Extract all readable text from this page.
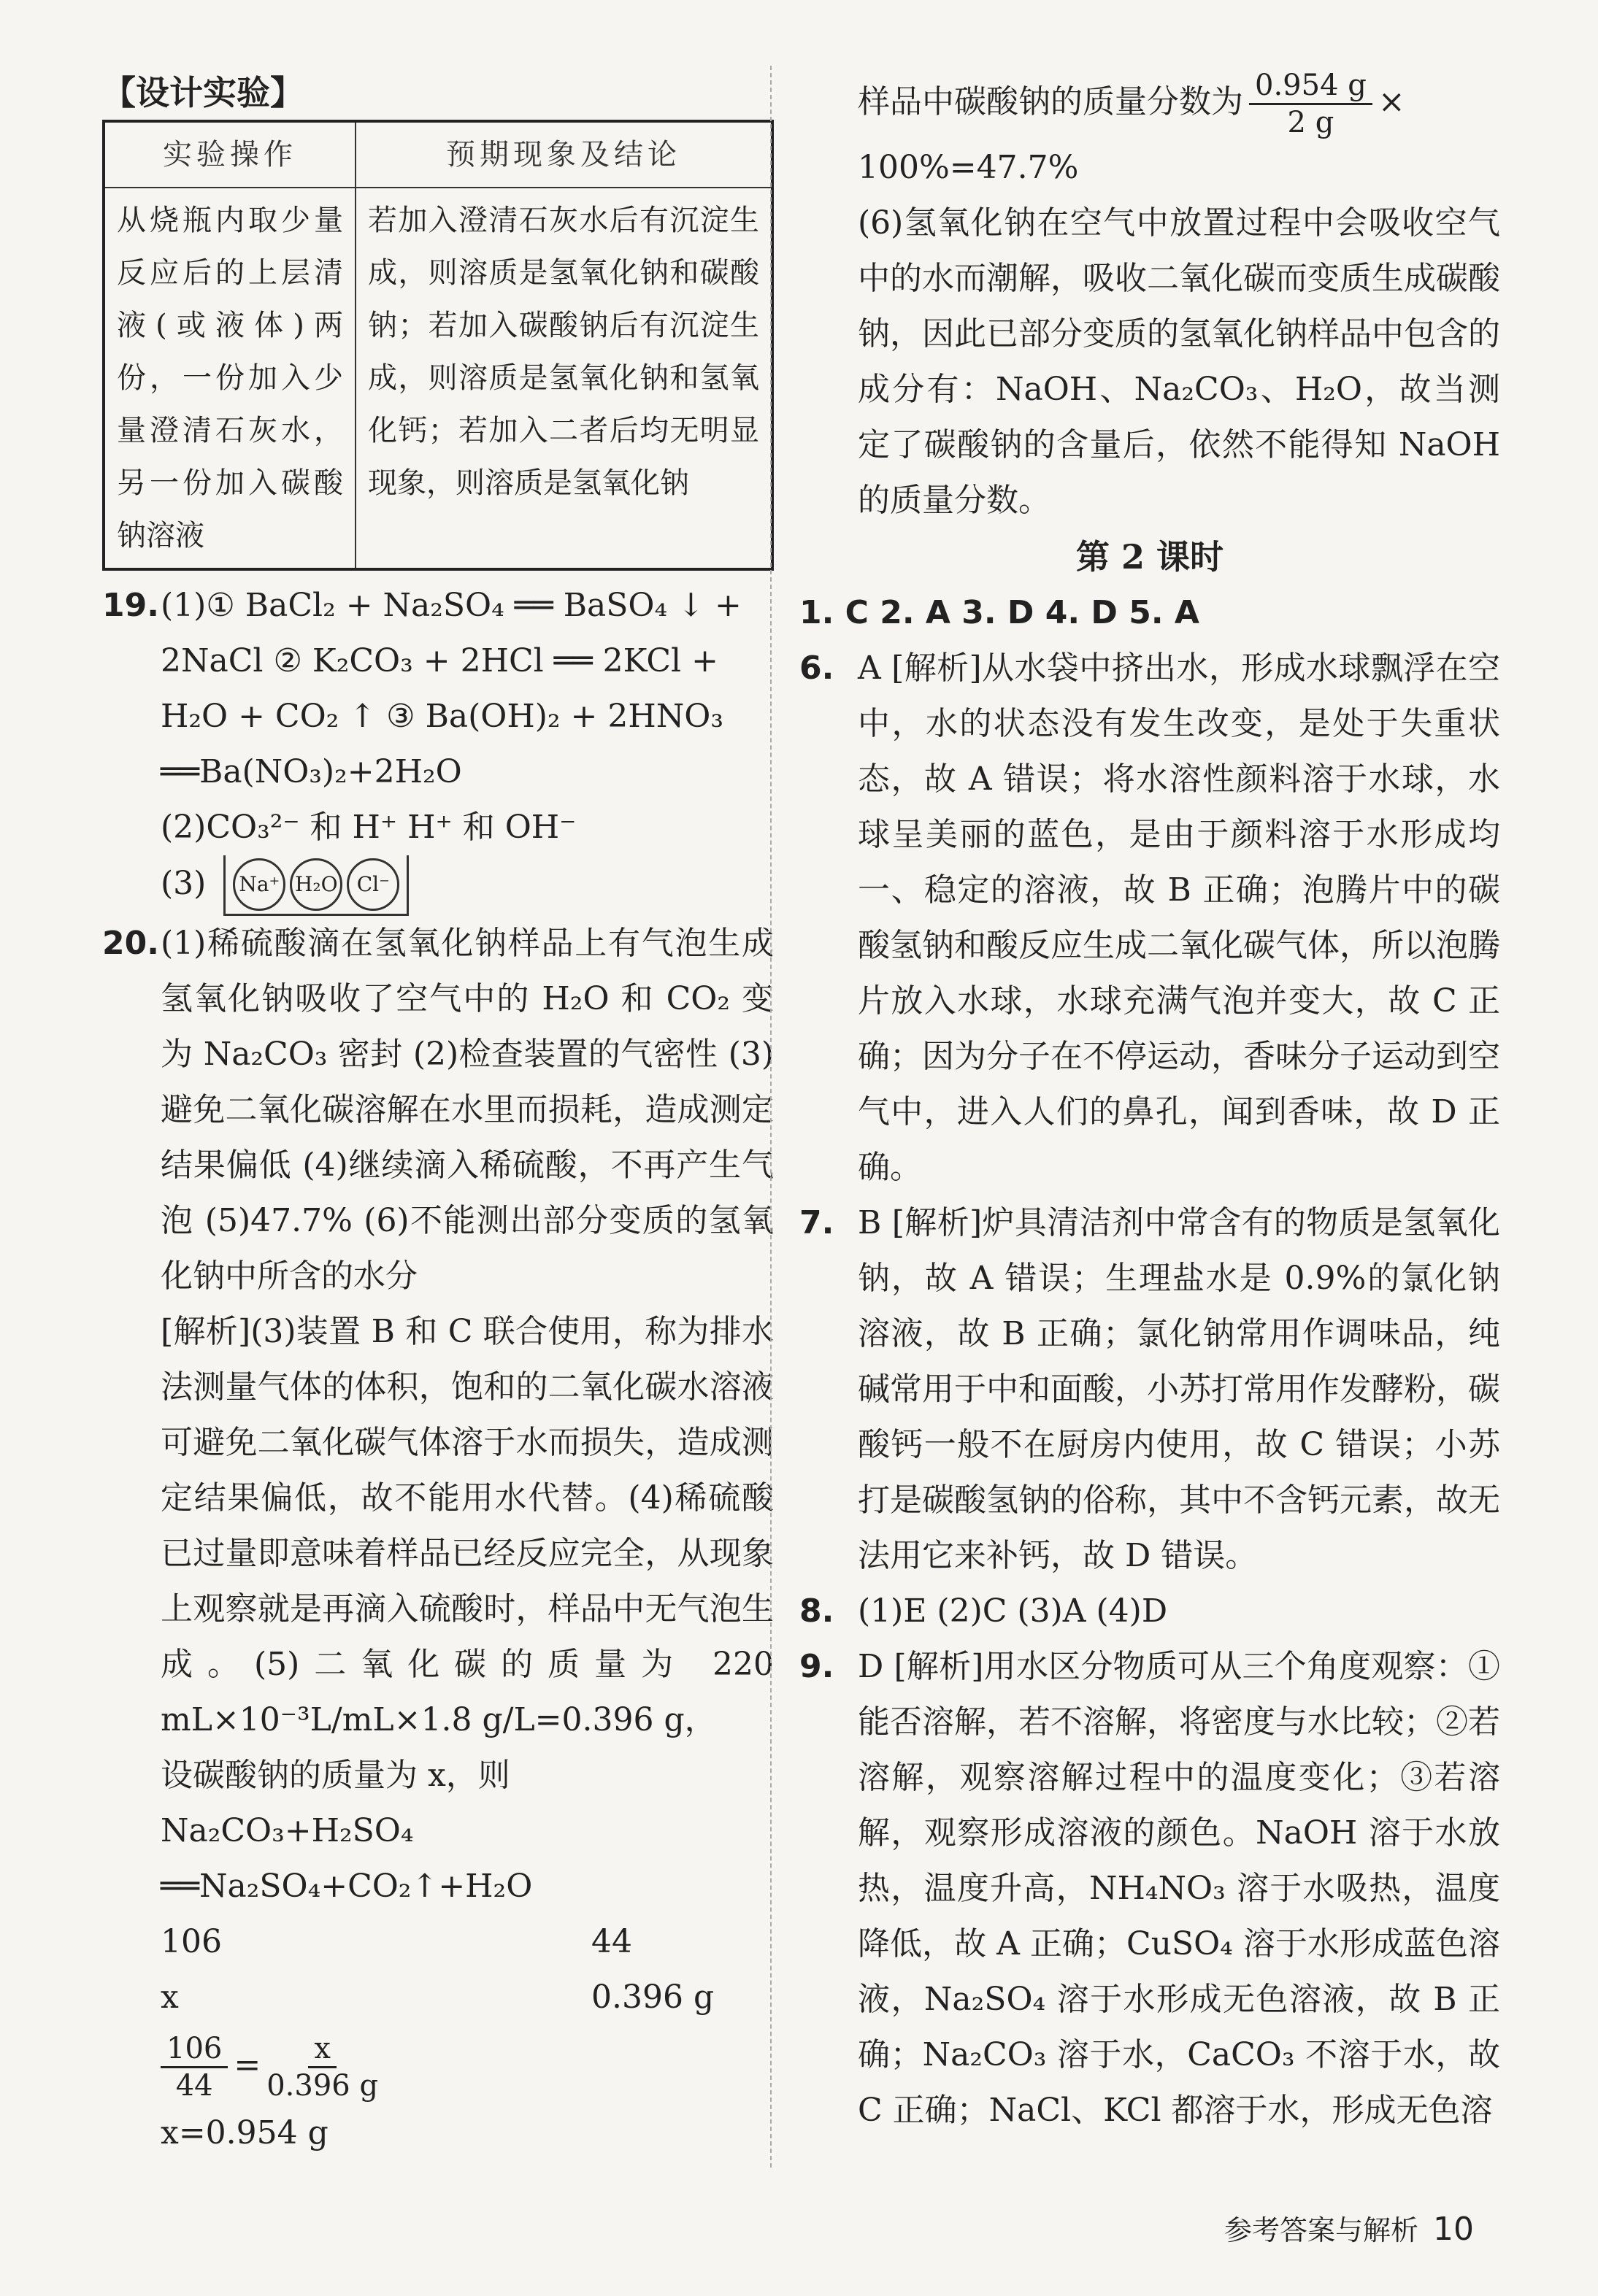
【设计实验】

实验操作	预期现象及结论
从烧瓶内取少量反应后的上层清液(或液体)两份，一份加入少量澄清石灰水，另一份加入碳酸钠溶液	若加入澄清石灰水后有沉淀生成，则溶质是氢氧化钠和碳酸钠；若加入碳酸钠后有沉淀生成，则溶质是氢氧化钠和氢氧化钙；若加入二者后均无明显现象，则溶质是氢氧化钠
19. (1)① BaCl₂ + Na₂SO₄ ══ BaSO₄ ↓ +
2NaCl ② K₂CO₃ + 2HCl ══ 2KCl +
H₂O + CO₂ ↑ ③ Ba(OH)₂ + 2HNO₃
══Ba(NO₃)₂+2H₂O
(2)CO₃²⁻ 和 H⁺ H⁺ 和 OH⁻
(3) Na⁺ H₂O Cl⁻
20. (1)稀硫酸滴在氢氧化钠样品上有气泡生成 氢氧化钠吸收了空气中的 H₂O 和 CO₂ 变为 Na₂CO₃ 密封 (2)检查装置的气密性 (3)避免二氧化碳溶解在水里而损耗，造成测定结果偏低 (4)继续滴入稀硫酸，不再产生气泡 (5)47.7% (6)不能测出部分变质的氢氧化钠中所含的水分
[解析](3)装置 B 和 C 联合使用，称为排水法测量气体的体积，饱和的二氧化碳水溶液可避免二氧化碳气体溶于水而损失，造成测定结果偏低，故不能用水代替。(4)稀硫酸已过量即意味着样品已经反应完全，从现象上观察就是再滴入硫酸时，样品中无气泡生成。(5)二氧化碳的质量为 220 mL×10⁻³L/mL×1.8 g/L=0.396 g，
设碳酸钠的质量为 x，则
Na₂CO₃+H₂SO₄ ══Na₂SO₄+CO₂↑+H₂O
106	44
x	0.396 g
$\frac{106}{44} = \frac{x}{0.396 g}$
x=0.954 g
样品中碳酸钠的质量分数为 $\frac{0.954 g}{2 g}$ ×

100%=47.7%

(6)氢氧化钠在空气中放置过程中会吸收空气中的水而潮解，吸收二氧化碳而变质生成碳酸钠，因此已部分变质的氢氧化钠样品中包含的成分有：NaOH、Na₂CO₃、H₂O，故当测定了碳酸钠的含量后，依然不能得知 NaOH 的质量分数。

第 2 课时

1. C 2. A 3. D 4. D 5. A

6. A [解析]从水袋中挤出水，形成水球飘浮在空中，水的状态没有发生改变，是处于失重状态，故 A 错误；将水溶性颜料溶于水球，水球呈美丽的蓝色，是由于颜料溶于水形成均一、稳定的溶液，故 B 正确；泡腾片中的碳酸氢钠和酸反应生成二氧化碳气体，所以泡腾片放入水球，水球充满气泡并变大，故 C 正确；因为分子在不停运动，香味分子运动到空气中，进入人们的鼻孔，闻到香味，故 D 正确。
7. B [解析]炉具清洁剂中常含有的物质是氢氧化钠，故 A 错误；生理盐水是 0.9%的氯化钠溶液，故 B 正确；氯化钠常用作调味品，纯碱常用于中和面酸，小苏打常用作发酵粉，碳酸钙一般不在厨房内使用，故 C 错误；小苏打是碳酸氢钠的俗称，其中不含钙元素，故无法用它来补钙，故 D 错误。
8. (1)E (2)C (3)A (4)D
9. D [解析]用水区分物质可从三个角度观察：①能否溶解，若不溶解，将密度与水比较；②若溶解，观察溶解过程中的温度变化；③若溶解，观察形成溶液的颜色。NaOH 溶于水放热，温度升高，NH₄NO₃ 溶于水吸热，温度降低，故 A 正确；CuSO₄ 溶于水形成蓝色溶液，Na₂SO₄ 溶于水形成无色溶液，故 B 正确；Na₂CO₃ 溶于水，CaCO₃ 不溶于水，故 C 正确；NaCl、KCl 都溶于水，形成无色溶
参考答案与解析 10
